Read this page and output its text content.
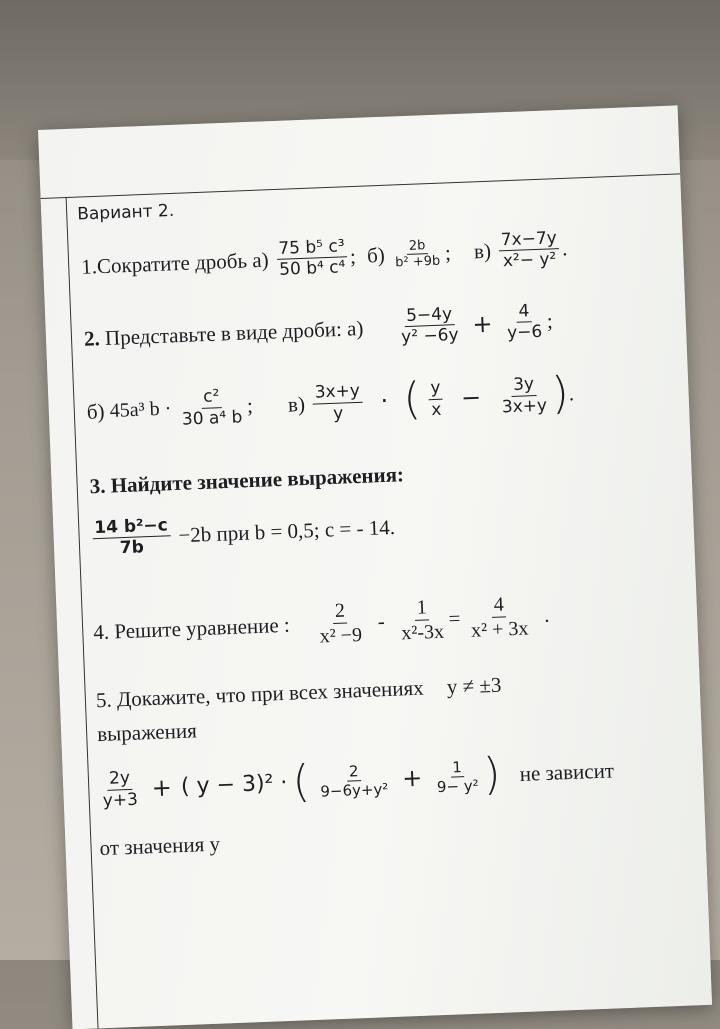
Вариант 2.
1.Сократите дробь $а) \frac{\text{75 b⁵ c³}}{\text{50 b⁴ c⁴}}$ ; $б) \frac{2b}{\text{b² +9b}}$ ; $в) \frac{7x-7y}{\text{x²− y²}}$ .
2. Представьте в виде дроби: $а) \frac{5-4y}{\text{y² −6y}} + \frac{4}{y-6}$ ;
б) 45a³ $b \cdot \frac{\text{c²}}{\text{30 a⁴ b}}$ ; $в) \frac{3x+y}{y}$ · ( $\frac{y}{x} - \frac{3y}{3x+y}$ ).
3. Найдите значение выражения:
$\frac{\text{14 b²−c}}{7b} -2b$ при b = 0,5; с = - 14.
4. Решите уравнение : $\frac{2}{\text{x² −9}} - \frac{1}{\text{x²-3x}} = \frac{4}{\text{x² + 3x}}$ .
5. Докажите, что при всех значениях y ≠ ±3
выражения
$\frac{2y}{y+3}$ + ( y − 3)² · ( $\frac{2}{\text{9−6y+y²}} + \frac{1}{\text{9− y²}}$ ) не зависит
от значения y
